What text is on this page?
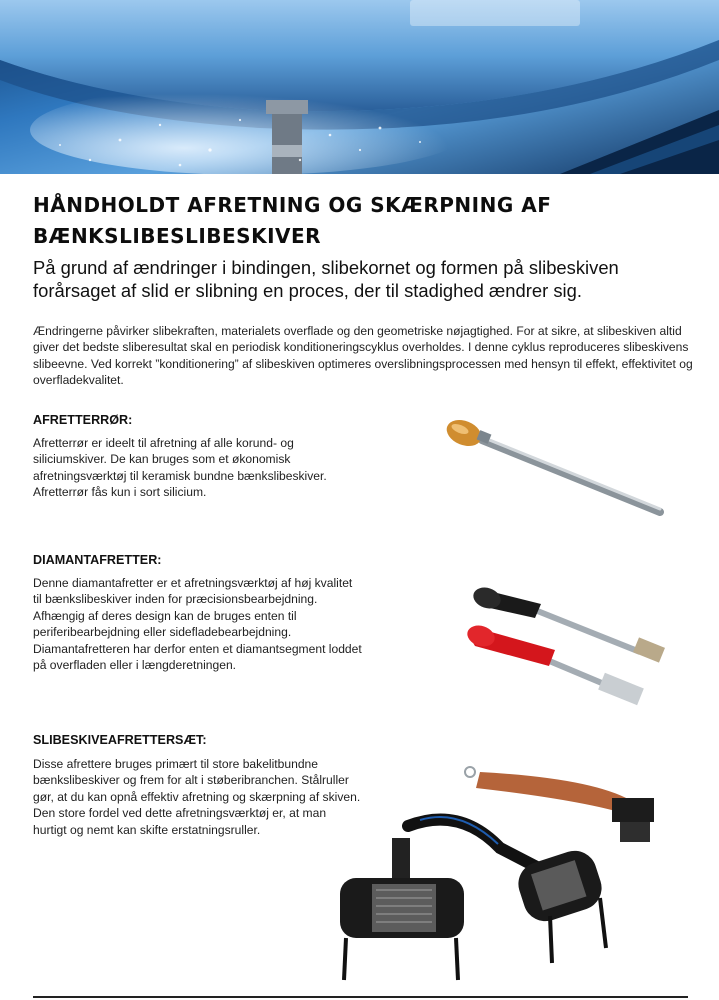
HÅNDHOLDT AFRETNING OG SKÆRPNING AF BÆNKSLIBESLIBESKIVER

På grund af ændringer i bindingen, slibekornet og formen på slibeskiven forårsaget af slid er slibning en proces, der til stadighed ændrer sig.

Ændringerne påvirker slibekraften, materialets overflade og den geometriske nøjagtighed. For at sikre, at slibeskiven altid giver det bedste sliberesultat skal en periodisk konditioneringscyklus overholdes. I denne cyklus reproduceres slibeskivens slibeevne. Ved korrekt ”konditionering” af slibeskiven optimeres overslibningsprocessen med hensyn til effekt, effektivitet og overfladekvalitet.

AFRETTERRØR:

Afretterrør er ideelt til afretning af alle korund- og siliciumskiver. De kan bruges som et økonomisk afretningsværktøj til keramisk bundne bænkslibeskiver. Afretterrør fås kun i sort silicium.

DIAMANTAFRETTER:

Denne diamantafretter er et afretningsværktøj af høj kvalitet til bænkslibeskiver inden for præcisionsbearbejdning. Afhængig af deres design kan de bruges enten til periferibearbejdning eller sidefladebearbejdning. Diamantafretteren har derfor enten et diamantsegment loddet på overfladen eller i længderetningen.

SLIBESKIVEAFRETTERSÆT:

Disse afrettere bruges primært til store bakelitbundne bænkslibeskiver og frem for alt i støberibranchen. Stålruller gør, at du kan opnå effektiv afretning og skærpning af skiven. Den store fordel ved dette afretningsværktøj er, at man hurtigt og nemt kan skifte erstatningsruller.
